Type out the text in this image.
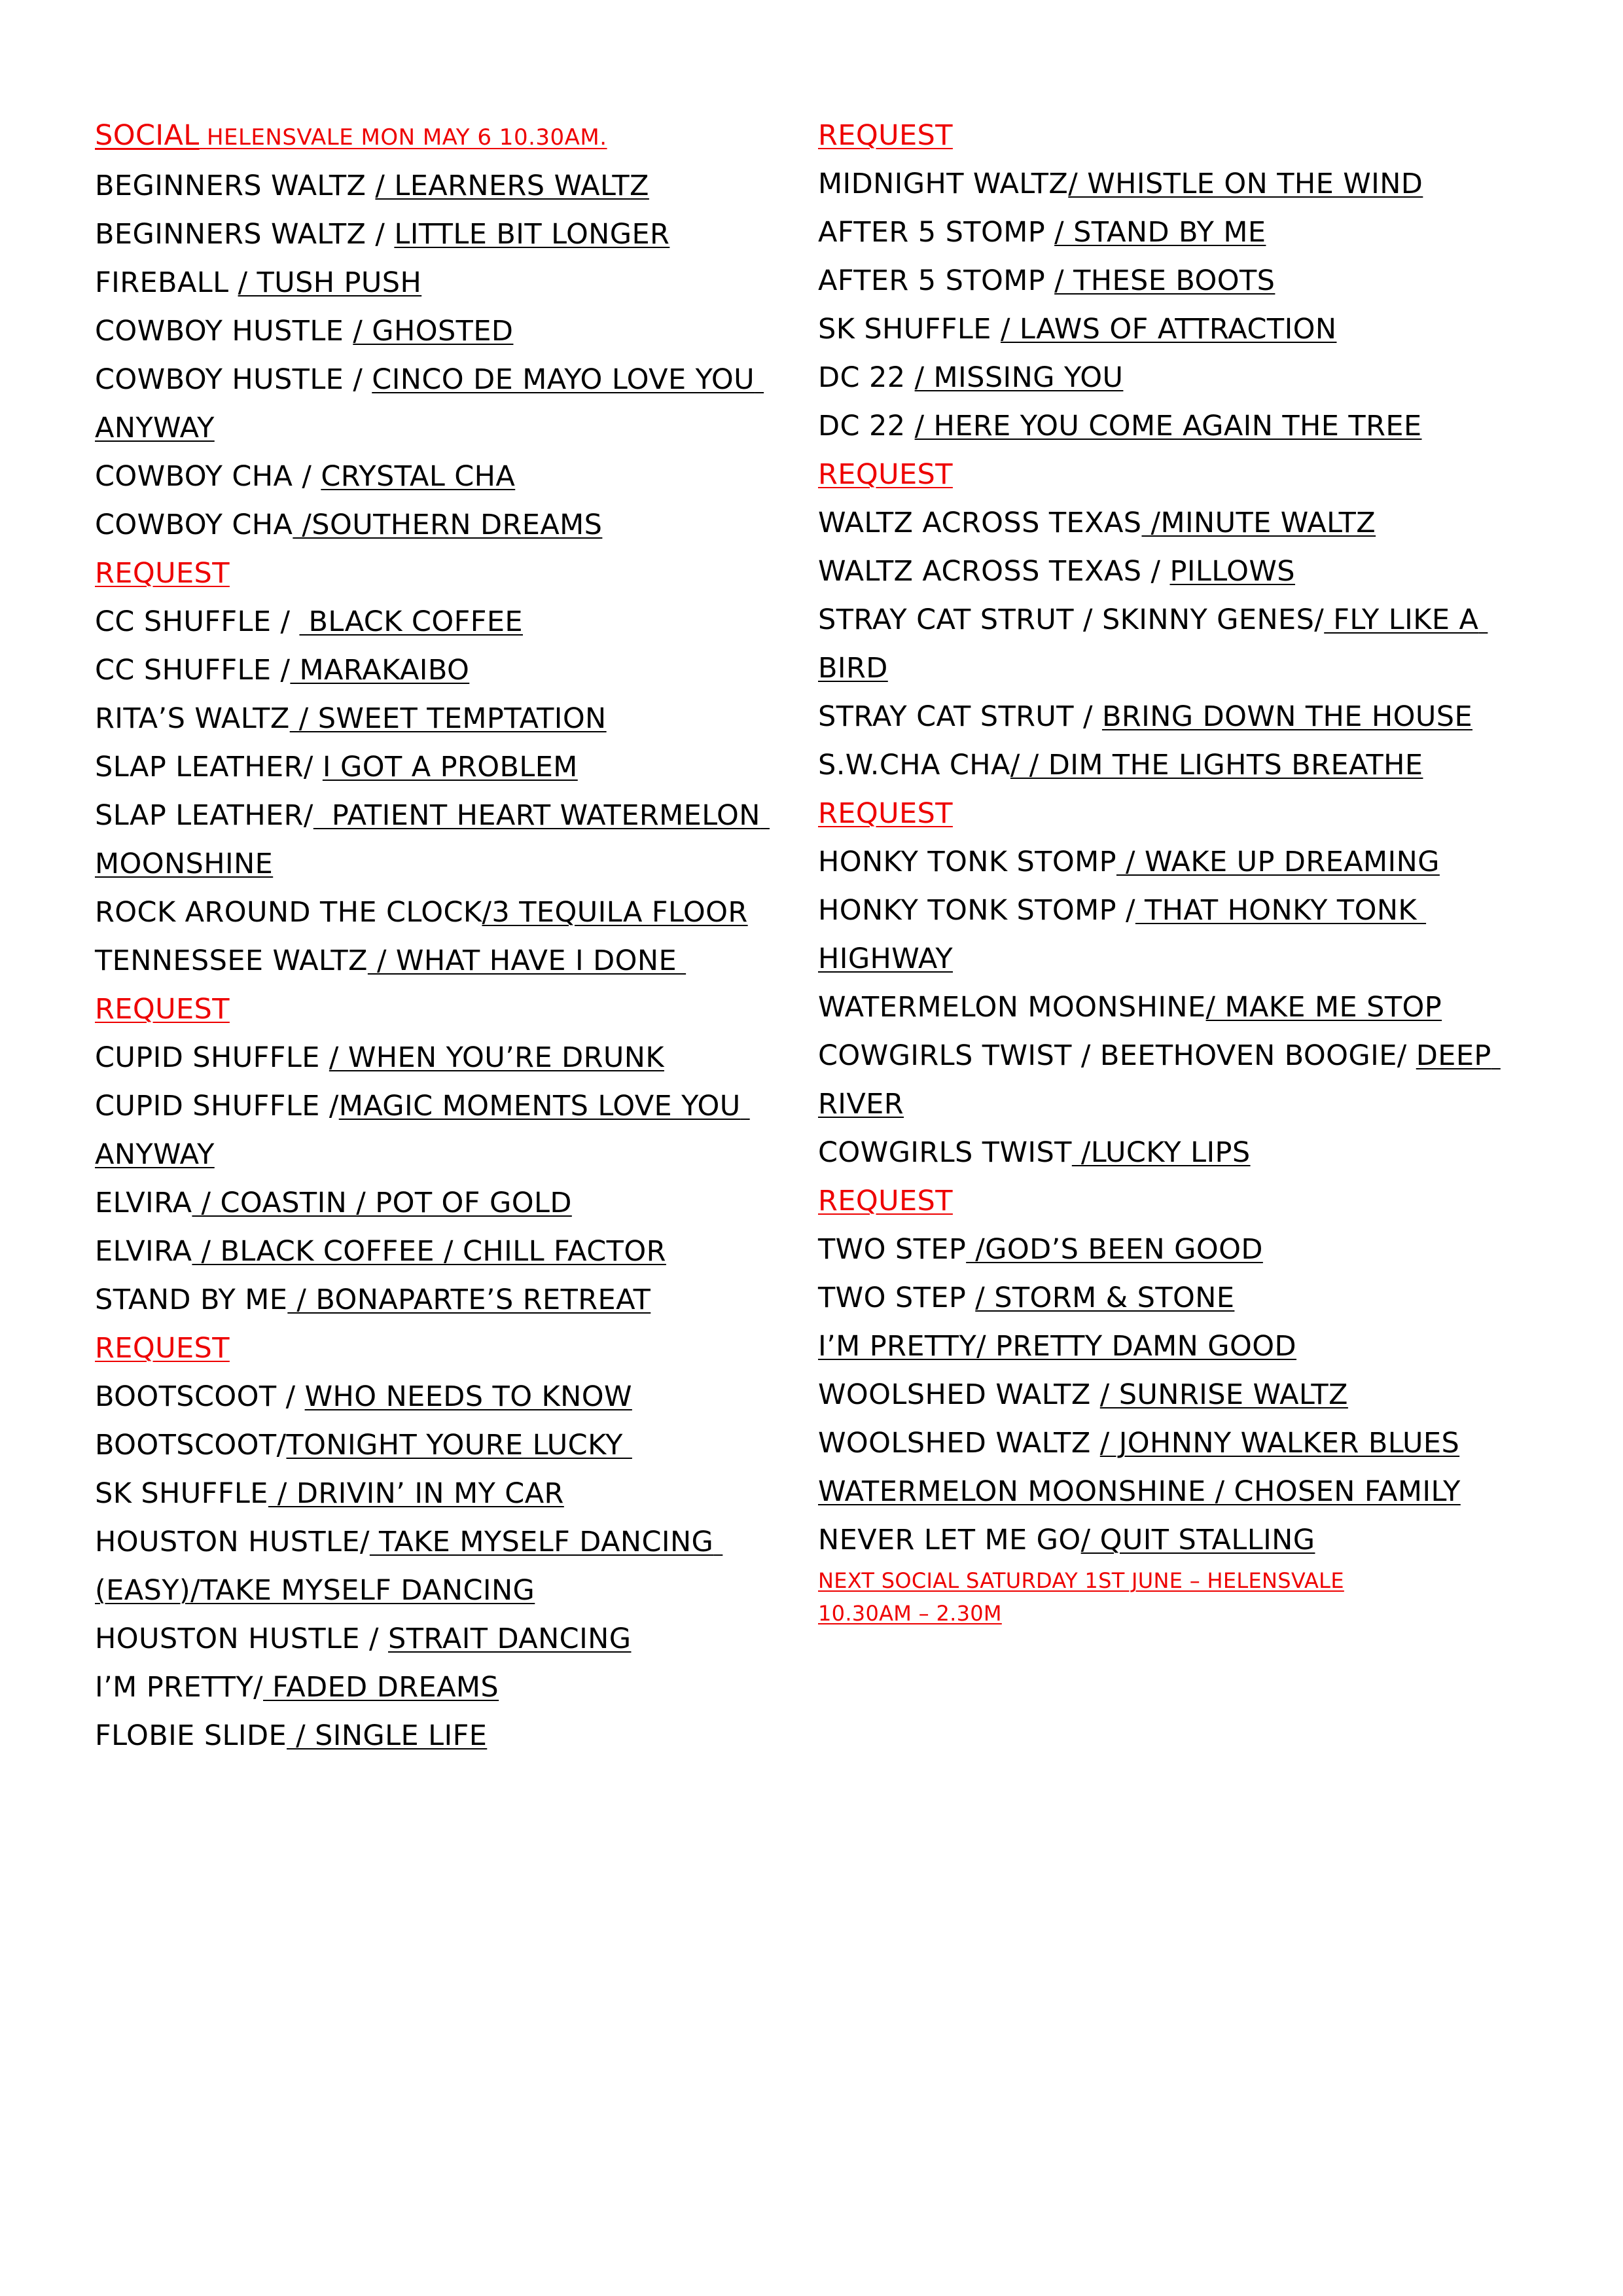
SOCIAL HELENSVALE MON MAY 6 10.30AM.
BEGINNERS WALTZ / LEARNERS WALTZ
BEGINNERS WALTZ / LITTLE BIT LONGER
FIREBALL / TUSH PUSH
COWBOY HUSTLE / GHOSTED
COWBOY HUSTLE / CINCO DE MAYO LOVE YOU ANYWAY
COWBOY CHA / CRYSTAL CHA
COWBOY CHA /SOUTHERN DREAMS
REQUEST
CC SHUFFLE /  BLACK COFFEE
CC SHUFFLE / MARAKAIBO
RITA’S WALTZ / SWEET TEMPTATION
SLAP LEATHER/ I GOT A PROBLEM
SLAP LEATHER/  PATIENT HEART WATERMELON MOONSHINE
ROCK AROUND THE CLOCK/3 TEQUILA FLOOR
TENNESSEE WALTZ / WHAT HAVE I DONE
REQUEST
CUPID SHUFFLE / WHEN YOU’RE DRUNK
CUPID SHUFFLE /MAGIC MOMENTS LOVE YOU ANYWAY
ELVIRA / COASTIN / POT OF GOLD
ELVIRA / BLACK COFFEE / CHILL FACTOR
STAND BY ME / BONAPARTE’S RETREAT
REQUEST
BOOTSCOOT / WHO NEEDS TO KNOW
BOOTSCOOT/TONIGHT YOURE LUCKY
SK SHUFFLE / DRIVIN’ IN MY CAR
HOUSTON HUSTLE/ TAKE MYSELF DANCING (EASY)/TAKE MYSELF DANCING
HOUSTON HUSTLE / STRAIT DANCING
I’M PRETTY/ FADED DREAMS
FLOBIE SLIDE / SINGLE LIFE
REQUEST
MIDNIGHT WALTZ/ WHISTLE ON THE WIND
AFTER 5 STOMP / STAND BY ME
AFTER 5 STOMP / THESE BOOTS
SK SHUFFLE / LAWS OF ATTRACTION
DC 22 / MISSING YOU
DC 22 / HERE YOU COME AGAIN THE TREE
REQUEST
WALTZ ACROSS TEXAS /MINUTE WALTZ
WALTZ ACROSS TEXAS / PILLOWS
STRAY CAT STRUT / SKINNY GENES/ FLY LIKE A BIRD
STRAY CAT STRUT / BRING DOWN THE HOUSE
S.W.CHA CHA/ / DIM THE LIGHTS BREATHE
REQUEST
HONKY TONK STOMP / WAKE UP DREAMING
HONKY TONK STOMP / THAT HONKY TONK HIGHWAY
WATERMELON MOONSHINE/ MAKE ME STOP
COWGIRLS TWIST / BEETHOVEN BOOGIE/ DEEP RIVER
COWGIRLS TWIST /LUCKY LIPS
REQUEST
TWO STEP /GOD’S BEEN GOOD
TWO STEP / STORM & STONE
I’M PRETTY/ PRETTY DAMN GOOD
WOOLSHED WALTZ / SUNRISE WALTZ
WOOLSHED WALTZ / JOHNNY WALKER BLUES
WATERMELON MOONSHINE / CHOSEN FAMILY
NEVER LET ME GO/ QUIT STALLING
NEXT SOCIAL SATURDAY 1ST JUNE – HELENSVALE
10.30AM – 2.30M
